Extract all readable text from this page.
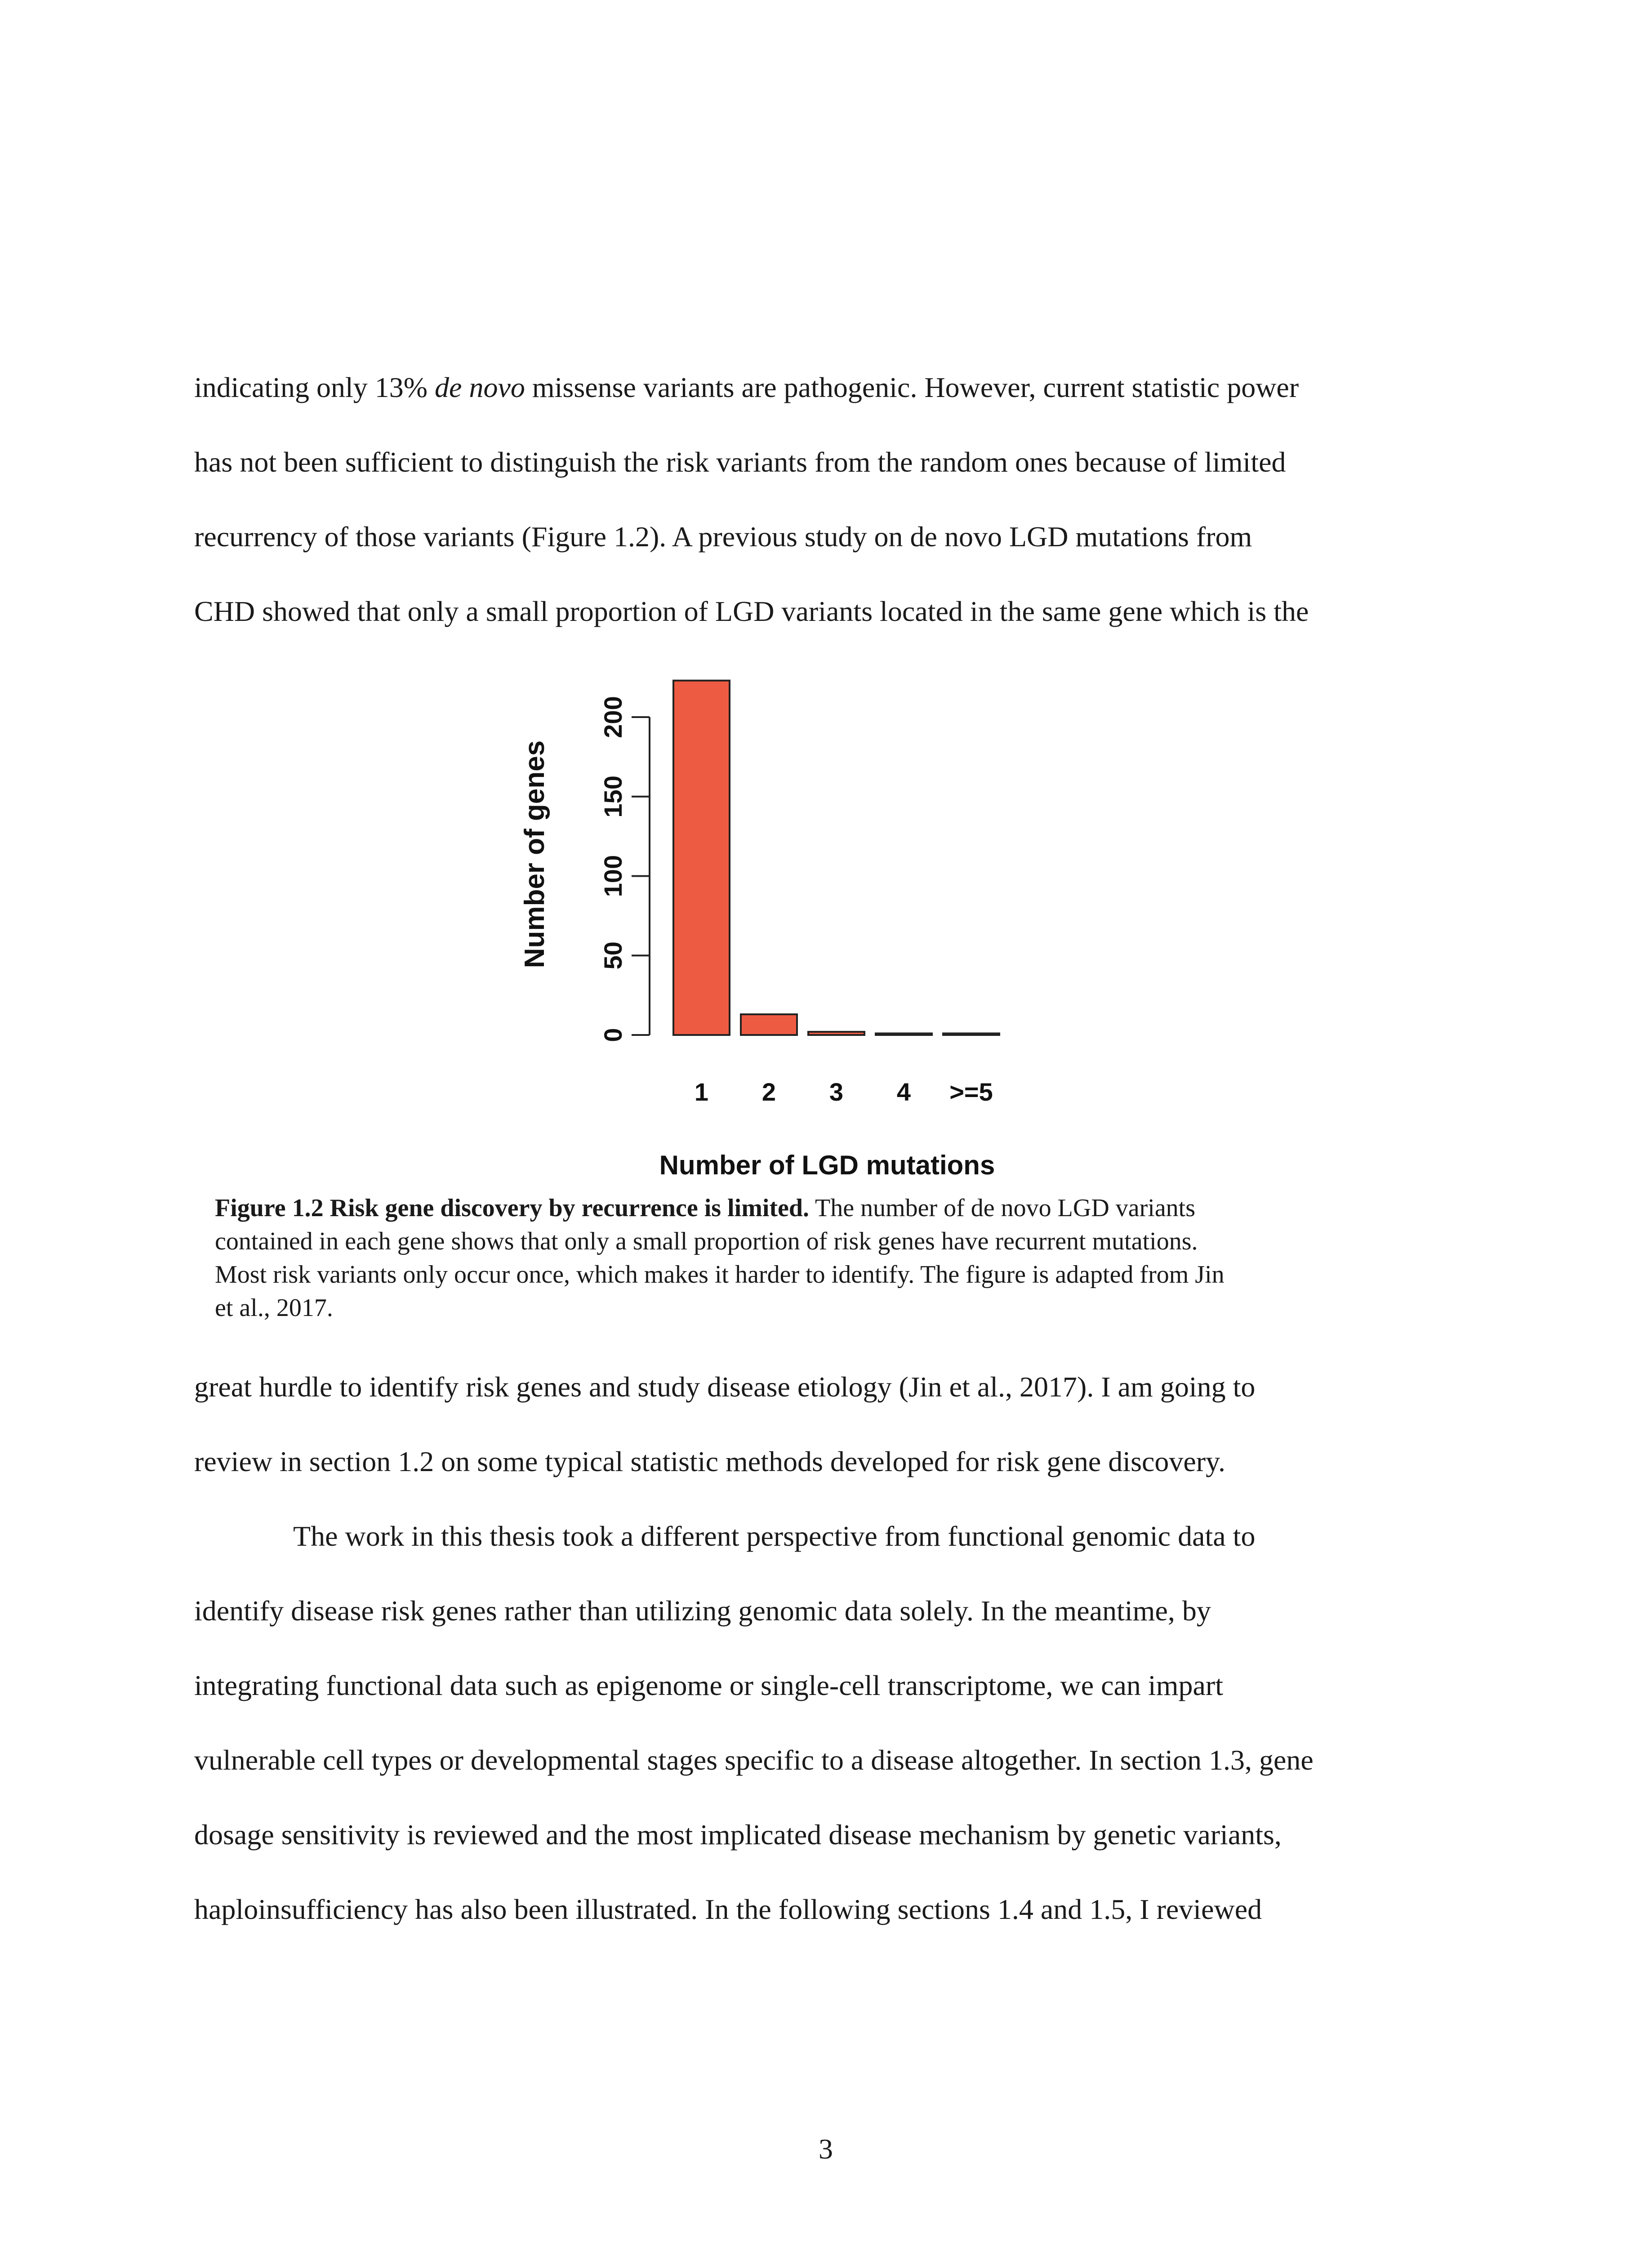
indicating only 13% de novo missense variants are pathogenic. However, current statistic power

has not been sufficient to distinguish the risk variants from the random ones because of limited

recurrency of those variants (Figure 1.2). A previous study on de novo LGD mutations from

CHD showed that only a small proportion of LGD variants located in the same gene which is the

0
50
100
150
200
1 2 3 4 >=5
Number of genes
Number of LGD mutations

Figure 1.2 Risk gene discovery by recurrence is limited. The number of de novo LGD variants
contained in each gene shows that only a small proportion of risk genes have recurrent mutations.
Most risk variants only occur once, which makes it harder to identify. The figure is adapted from Jin
et al., 2017.

great hurdle to identify risk genes and study disease etiology (Jin et al., 2017). I am going to

review in section 1.2 on some typical statistic methods developed for risk gene discovery.

The work in this thesis took a different perspective from functional genomic data to

identify disease risk genes rather than utilizing genomic data solely. In the meantime, by

integrating functional data such as epigenome or single-cell transcriptome, we can impart

vulnerable cell types or developmental stages specific to a disease altogether. In section 1.3, gene

dosage sensitivity is reviewed and the most implicated disease mechanism by genetic variants,

haploinsufficiency has also been illustrated. In the following sections 1.4 and 1.5, I reviewed

3
